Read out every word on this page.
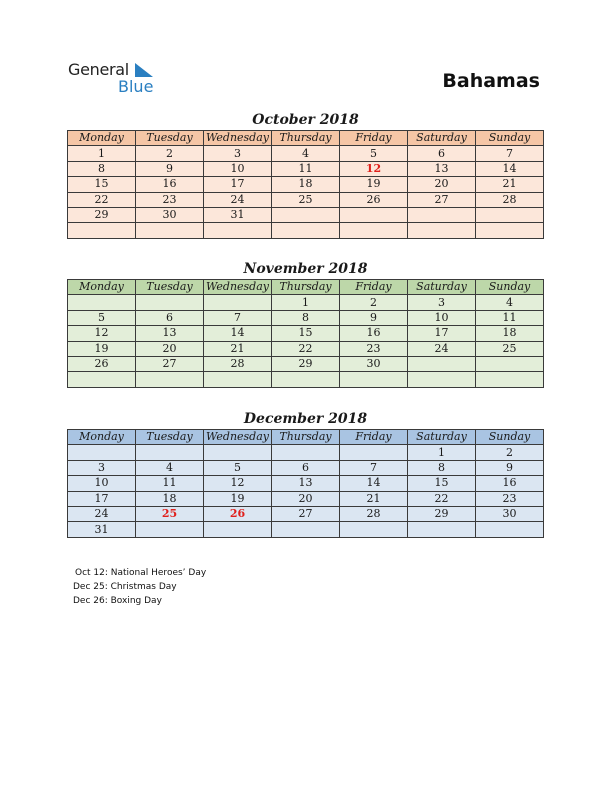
General
Blue	Bahamas
October 2018
Monday	Tuesday	Wednesday	Thursday	Friday	Saturday	Sunday
1	2	3	4	5	6	7
8	9	10	11	12	13	14
15	16	17	18	19	20	21
22	23	24	25	26	27	28
29	30	31				

November 2018
Monday	Tuesday	Wednesday	Thursday	Friday	Saturday	Sunday
			1	2	3	4
5	6	7	8	9	10	11
12	13	14	15	16	17	18
19	20	21	22	23	24	25
26	27	28	29	30		

December 2018
Monday	Tuesday	Wednesday	Thursday	Friday	Saturday	Sunday
					1	2
3	4	5	6	7	8	9
10	11	12	13	14	15	16
17	18	19	20	21	22	23
24	25	26	27	28	29	30
31						
Oct 12: National Heroes’ Day
Dec 25: Christmas Day
Dec 26: Boxing Day
